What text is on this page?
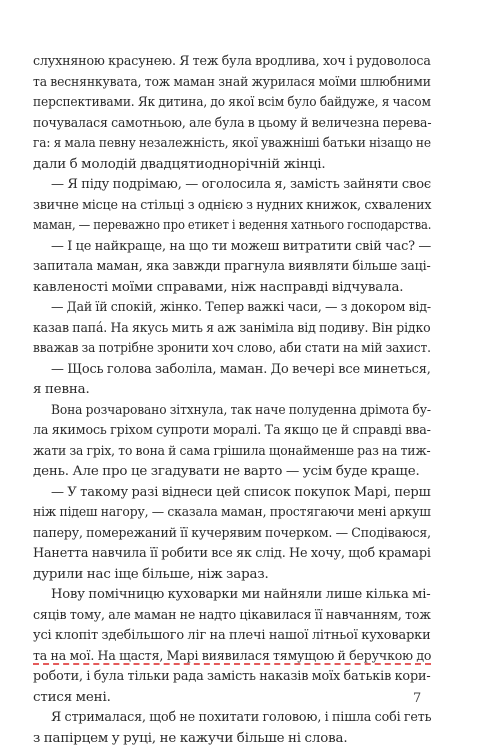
слухняною красунею. Я теж була вродлива, хоч і рудоволоса
та веснянкувата, тож маман знай журилася моїми шлюбними
перспективами. Як дитина, до якої всім було байдуже, я часом
почувалася самотньою, але була в цьому й величезна перева-
га: я мала певну незалежність, якої уважніші батьки нізащо не
дали б молодій двадцятиоднорічній жінці.
— Я піду подрімаю, — оголосила я, замість зайняти своє
звичне місце на стільці з однією з нудних книжок, схвалених
маман, — переважно про етикет і ведення хатнього господарства.
— І це найкраще, на що ти можеш витратити свій час? —
запитала маман, яка завжди прагнула виявляти більше заці-
кавленості моїми справами, ніж насправді відчувала.
— Дай їй спокій, жінко. Тепер важкі часи, — з докором від-
казав папá. На якусь мить я аж заніміла від подиву. Він рідко
вважав за потрібне зронити хоч слово, аби стати на мій захист.
— Щось голова заболіла, маман. До вечері все минеться,
я певна.
Вона розчаровано зітхнула, так наче полуденна дрімота бу-
ла якимось гріхом супроти моралі. Та якщо це й справді вва-
жати за гріх, то вона й сама грішила щонайменше раз на тиж-
день. Але про це згадувати не варто — усім буде краще.
— У такому разі віднеси цей список покупок Марі, перш
ніж підеш нагору, — сказала маман, простягаючи мені аркуш
паперу, помережаний її кучерявим почерком. — Сподіваюся,
Нанетта навчила її робити все як слід. Не хочу, щоб крамарі
дурили нас іще більше, ніж зараз.
Нову помічницю куховарки ми найняли лише кілька мі-
сяців тому, але маман не надто цікавилася її навчанням, тож
усі клопіт здебільшого ліг на плечі нашої літньої куховарки
та на мої. На щастя, Марі виявилася тямущою й беручкою до
роботи, і була тільки рада замість наказів моїх батьків кори-
стися мені.
Я стрималася, щоб не похитати головою, і пішла собі геть
з папірцем у руці, не кажучи більше ні слова.
7
